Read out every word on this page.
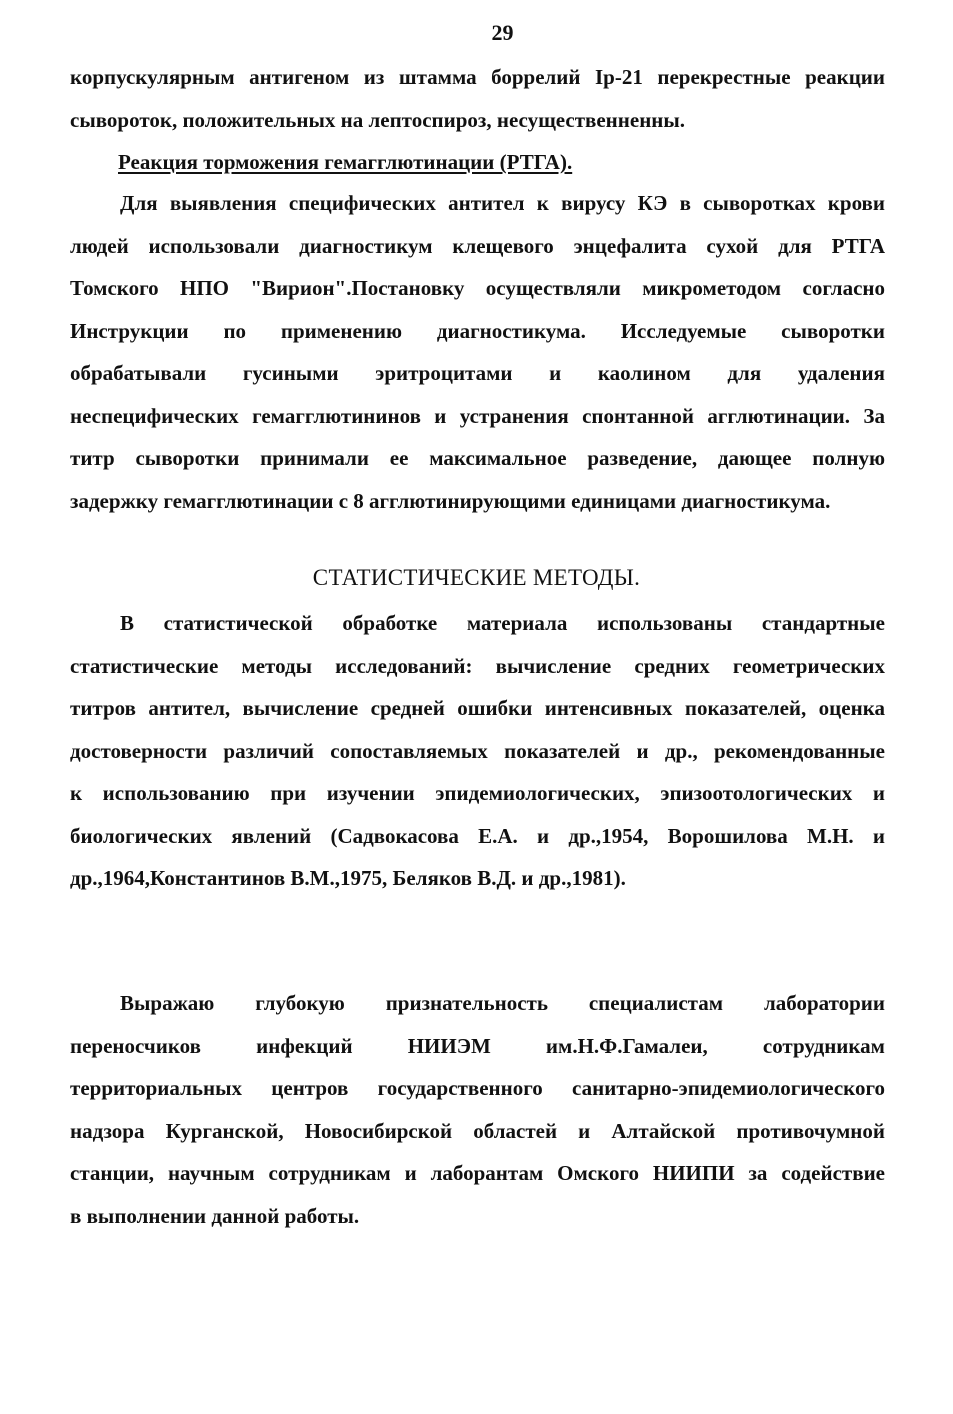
29
корпускулярным антигеном из штамма боррелий Ip-21 перекрестные реакции
сывороток, положительных на лептоспироз, несущественненны.
Реакция торможения гемагглютинации (РТГА).
Для выявления специфических антител к вирусу КЭ в сыворотках крови
людей использовали диагностикум клещевого энцефалита сухой для РТГА
Томского НПО "Вирион".Постановку осуществляли микрометодом согласно
Инструкции по применению диагностикума. Исследуемые сыворотки
обрабатывали гусиными эритроцитами и каолином для удаления
неспецифических гемагглютининов и устранения спонтанной агглютинации. За
титр сыворотки принимали ее максимальное разведение, дающее полную
задержку гемагглютинации с 8 агглютинирующими единицами диагностикума.
СТАТИСТИЧЕСКИЕ МЕТОДЫ.
В статистической обработке материала использованы стандартные
статистические методы исследований: вычисление средних геометрических
титров антител, вычисление средней ошибки интенсивных показателей, оценка
достоверности различий сопоставляемых показателей и др., рекомендованные
к использованию при изучении эпидемиологических, эпизоотологических и
биологических явлений (Садвокасова Е.А. и др.,1954, Ворошилова М.Н. и
др.,1964,Константинов В.М.,1975, Беляков В.Д. и др.,1981).
Выражаю глубокую признательность специалистам лаборатории
переносчиков инфекций НИИЭМ им.Н.Ф.Гамалеи, сотрудникам
территориальных центров государственного санитарно-эпидемиологического
надзора Курганской, Новосибирской областей и Алтайской противочумной
станции, научным сотрудникам и лаборантам Омского НИИПИ за содействие
в выполнении данной работы.
